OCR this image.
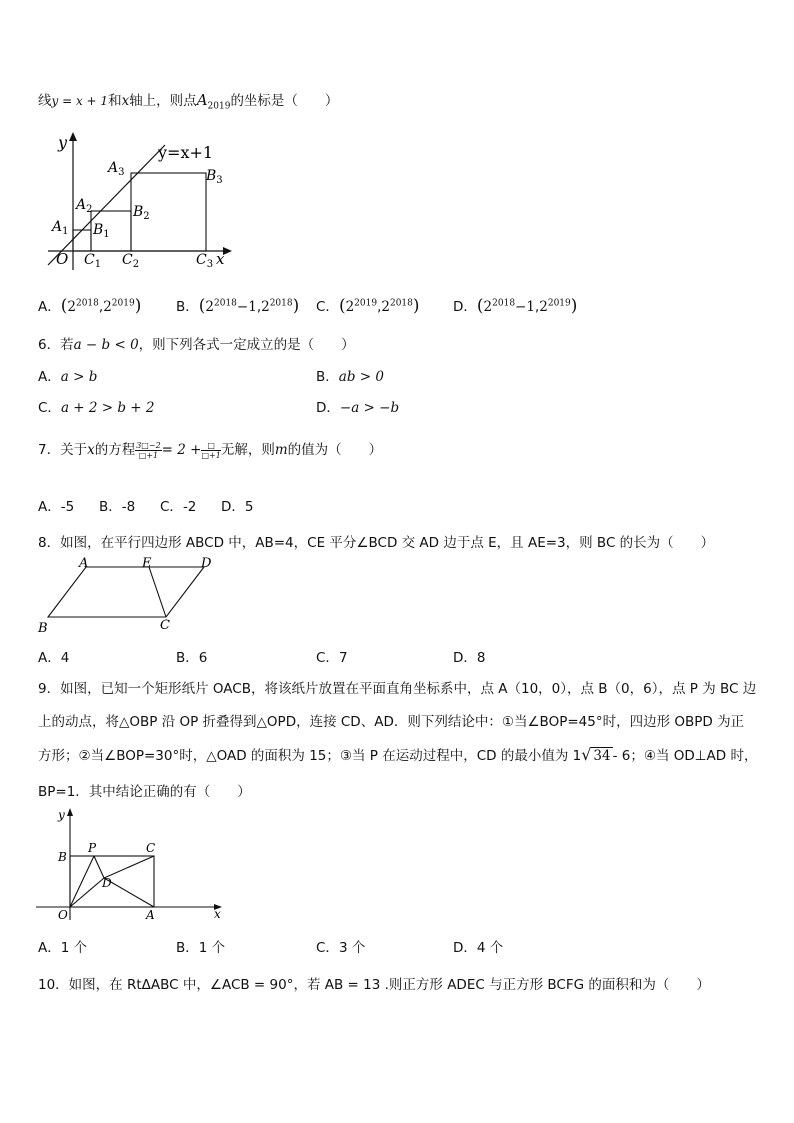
线y = x + 1和x轴上，则点$A_{2019}$的坐标是（　　）
y
O	x
y=x+1
$A_1$
$A_2$
$A_3$
$B_1$
$B_2$
$B_3$
$C_1$ $C_2$	$C_3$
A．$(2^{2018},2^{2019})$	B．$(2^{2018}-1,2^{2018})$ C．$(2^{2019},2^{2018})$ D．$(2^{2018}-1,2^{2019})$
6．若a − b < 0，则下列各式一定成立的是（　　）
A．a > b	B．ab > 0
C．a + 2 > b + 2	D．−a > −b
7．关于x的方程 $\frac{3□-2}{□+1}= 2 + \frac{□}{□+1}$无解，则m的值为（　　）
A．-5 B．-8 C．-2 D．5
8．如图，在平行四边形 ABCD 中，AB=4，CE 平分∠BCD 交 AD 边于点 E，且 AE=3，则 BC 的长为（　　）
A	E	D
B	C
A．4	B．6	C．7	D．8
9．如图，已知一个矩形纸片 OACB，将该纸片放置在平面直角坐标系中，点 A（10，0），点 B（0，6），点 P 为 BC 边
上的动点，将△OBP 沿 OP 折叠得到△OPD，连接 CD、AD．则下列结论中：①当∠BOP=45°时，四边形 OBPD 为正
方形；②当∠BOP=30°时，△OAD 的面积为 15；③当 P 在运动过程中，CD 的最小值为 1√ 34 - 6；④当 OD⊥AD 时，
BP=1．其中结论正确的有（　　）
y
B
P	C
D
O	A	x
A．1 个	B．1 个	C．3 个	D．4 个
10．如图，在 RtΔABC 中，∠ACB = 90°，若 AB = 13 .则正方形 ADEC 与正方形 BCFG 的面积和为（　　）
